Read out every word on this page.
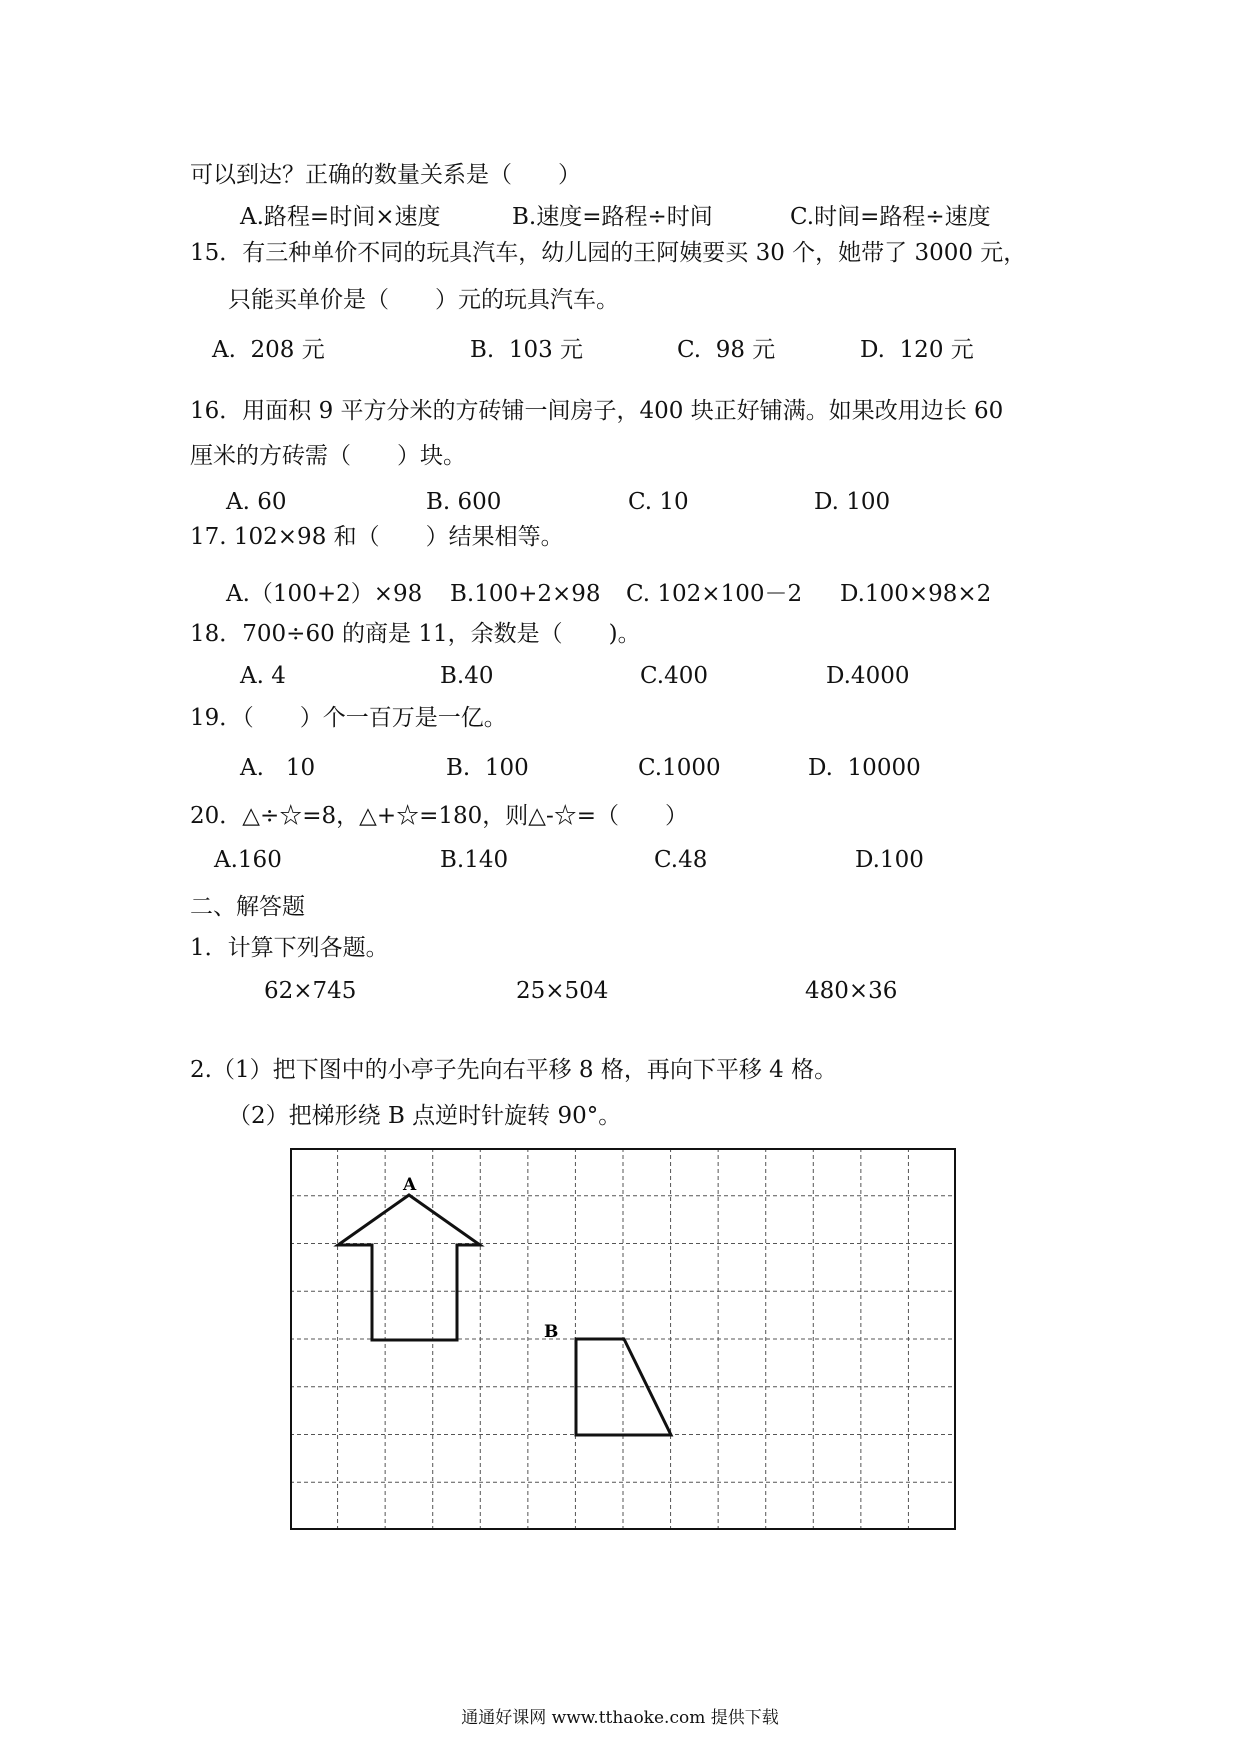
可以到达？正确的数量关系是（　　）
A.路程=时间×速度	B.速度=路程÷时间	C.时间=路程÷速度
15．有三种单价不同的玩具汽车，幼儿园的王阿姨要买 30 个，她带了 3000 元，
只能买单价是（　　）元的玩具汽车。
A.  208 元	B.  103 元	C.  98 元	D.  120 元
16．用面积 9 平方分米的方砖铺一间房子，400 块正好铺满。如果改用边长 60
厘米的方砖需（　　）块。
A. 60	B. 600	C. 10	D. 100
17. 102×98 和（　　）结果相等。
A.（100+2）×98 B.100+2×98 C. 102×100－2 D.100×98×2
18．700÷60 的商是 11，余数是（　　)。
A. 4	B.40	C.400	D.4000
19．（　　）个一百万是一亿。
A.   10	B.  100	C.1000	D.  10000
20．△÷☆=8，△+☆=180，则△-☆=（　　）
A.160	B.140	C.48	D.100
二、解答题
1．计算下列各题。
62×745	25×504	480×36
2.（1）把下图中的小亭子先向右平移 8 格，再向下平移 4 格。
（2）把梯形绕 B 点逆时针旋转 90°。
A
B
通通好课网 www.tthaoke.com 提供下载
